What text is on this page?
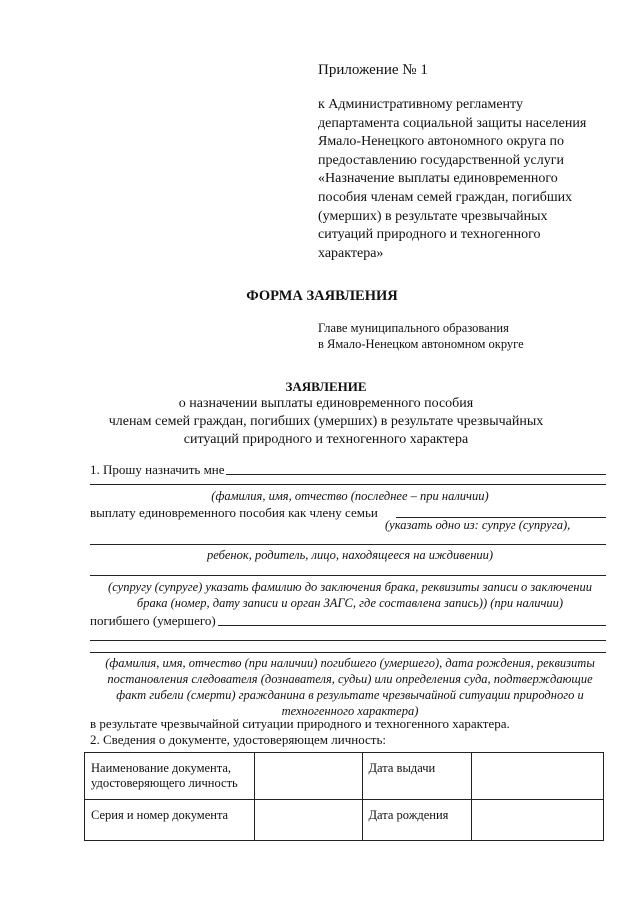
Приложение № 1
к Административному регламенту
департамента социальной защиты населения
Ямало-Ненецкого автономного округа по
предоставлению государственной услуги
«Назначение выплаты единовременного
пособия членам семей граждан, погибших
(умерших) в результате чрезвычайных
ситуаций природного и техногенного
характера»
ФОРМА ЗАЯВЛЕНИЯ
Главе муниципального образования
в Ямало-Ненецком автономном округе
ЗАЯВЛЕНИЕ
о назначении выплаты единовременного пособия
членам семей граждан, погибших (умерших) в результате чрезвычайных
ситуаций природного и техногенного характера
1. Прошу назначить мне
(фамилия, имя, отчество (последнее – при наличии)
выплату единовременного пособия как члену семьи
(указать одно из: супруг (супруга),
ребенок, родитель, лицо, находящееся на иждивении)
(супругу (супруге) указать фамилию до заключения брака, реквизиты записи о заключении
брака (номер, дату записи и орган ЗАГС, где составлена запись)) (при наличии)
погибшего (умершего)
(фамилия, имя, отчество (при наличии) погибшего (умершего), дата рождения, реквизиты
постановления следователя (дознавателя, судьи) или определения суда, подтверждающие
факт гибели (смерти) гражданина в результате чрезвычайной ситуации природного и
техногенного характера)
в результате чрезвычайной ситуации природного и техногенного характера.
2. Сведения о документе, удостоверяющем личность:
Наименование документа, удостоверяющего личность		Дата выдачи	
Серия и номер документа		Дата рождения	
